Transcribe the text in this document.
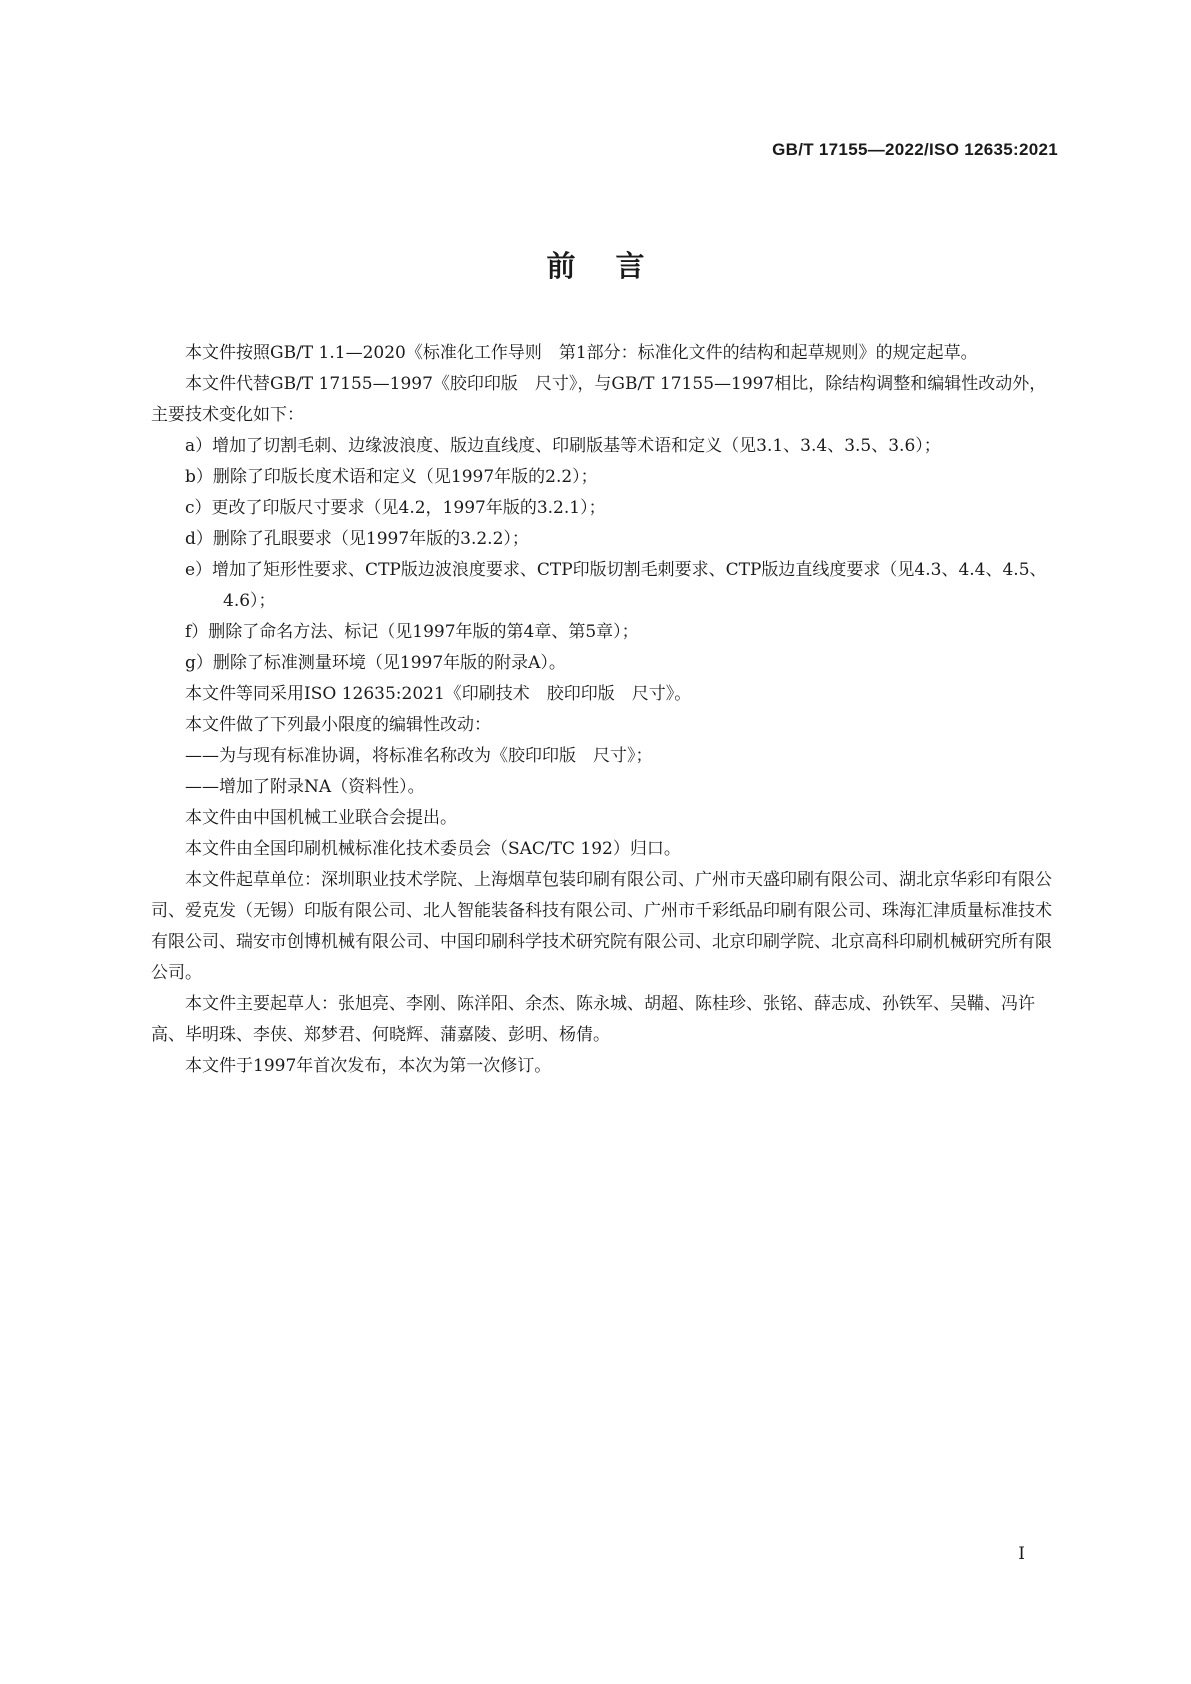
GB/T 17155—2022/ISO 12635:2021
前言

本文件按照GB/T 1.1—2020《标准化工作导则　第1部分：标准化文件的结构和起草规则》的规定起草。

本文件代替GB/T 17155—1997《胶印印版　尺寸》，与GB/T 17155—1997相比，除结构调整和编辑性改动外，主要技术变化如下：

a）增加了切割毛刺、边缘波浪度、版边直线度、印刷版基等术语和定义（见3.1、3.4、3.5、3.6）；

b）删除了印版长度术语和定义（见1997年版的2.2）；

c）更改了印版尺寸要求（见4.2，1997年版的3.2.1）；

d）删除了孔眼要求（见1997年版的3.2.2）；

e）增加了矩形性要求、CTP版边波浪度要求、CTP印版切割毛刺要求、CTP版边直线度要求（见4.3、4.4、4.5、4.6）；

f）删除了命名方法、标记（见1997年版的第4章、第5章）；

g）删除了标准测量环境（见1997年版的附录A）。

本文件等同采用ISO 12635:2021《印刷技术　胶印印版　尺寸》。

本文件做了下列最小限度的编辑性改动：

——为与现有标准协调，将标准名称改为《胶印印版　尺寸》；

——增加了附录NA（资料性）。

本文件由中国机械工业联合会提出。

本文件由全国印刷机械标准化技术委员会（SAC/TC 192）归口。

本文件起草单位：深圳职业技术学院、上海烟草包装印刷有限公司、广州市天盛印刷有限公司、湖北京华彩印有限公司、爱克发（无锡）印版有限公司、北人智能装备科技有限公司、广州市千彩纸品印刷有限公司、珠海汇津质量标准技术有限公司、瑞安市创博机械有限公司、中国印刷科学技术研究院有限公司、北京印刷学院、北京高科印刷机械研究所有限公司。

本文件主要起草人：张旭亮、李刚、陈洋阳、余杰、陈永城、胡超、陈桂珍、张铭、薛志成、孙铁军、吴鞴、冯许高、毕明珠、李侠、郑梦君、何晓辉、蒲嘉陵、彭明、杨倩。

本文件于1997年首次发布，本次为第一次修订。

I
